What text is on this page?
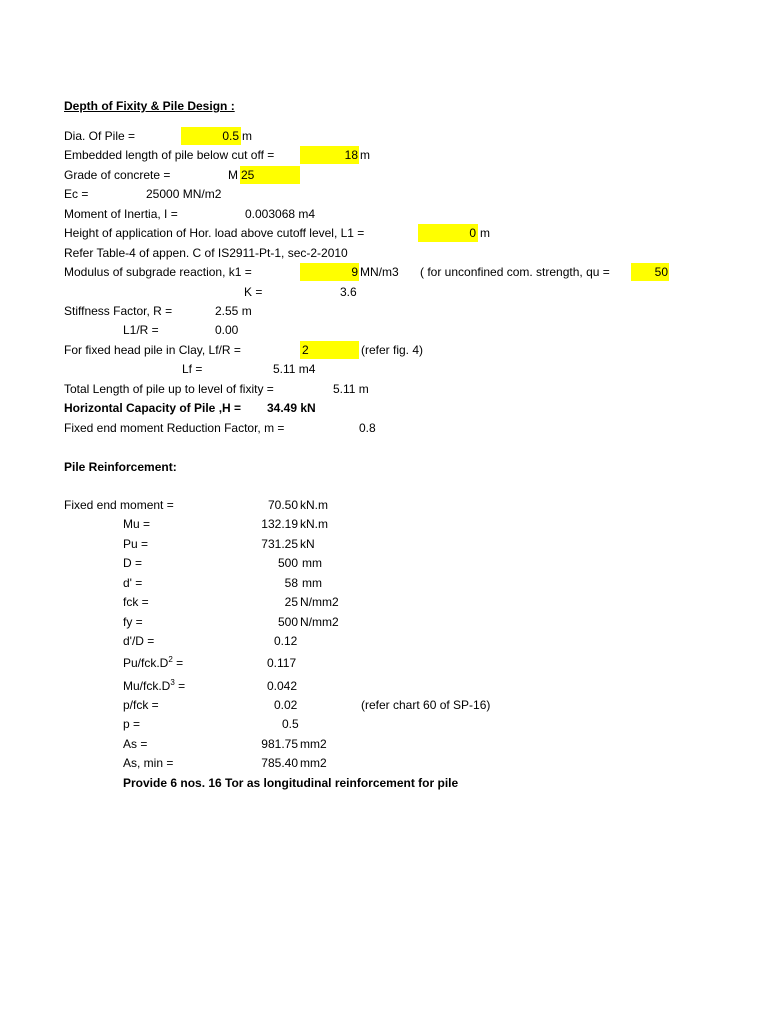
Depth of Fixity & Pile Design :
Dia. Of Pile =	0.5 m
Embedded length of pile below cut off =	18 m
Grade of concrete =	M 25
Ec =	25000 MN/m2
Moment of Inertia, I =	0.003068 m4
Height of application of Hor. load above cutoff level, L1 =	0 m
Refer Table-4 of appen. C of IS2911-Pt-1, sec-2-2010
Modulus of subgrade reaction, k1 =	9 MN/m3 ( for unconfined com. strength, qu =	50
K =	3.6
Stiffness Factor, R =	2.55 m
L1/R =	0.00
For fixed head pile in Clay, Lf/R =	2	(refer fig. 4)
Lf =	5.11 m4
Total Length of pile up to level of fixity =	5.11 m
Horizontal Capacity of Pile ,H = 34.49 kN
Fixed end moment Reduction Factor, m =	0.8
Pile Reinforcement:
Fixed end moment =	70.50 kN.m
Mu =	132.19 kN.m
Pu =	731.25 kN
D =	500 mm
d' =	58 mm
fck =	25 N/mm2
fy =	500 N/mm2
d'/D =	0.12
$Pu/fck.D^2$ =	0.117
$Mu/fck.D^3$ =	0.042
p/fck =	0.02	(refer chart 60 of SP-16)
p =	0.5
As =	981.75 mm2
As, min =	785.40 mm2
Provide 6 nos. 16 Tor as longitudinal reinforcement for pile
